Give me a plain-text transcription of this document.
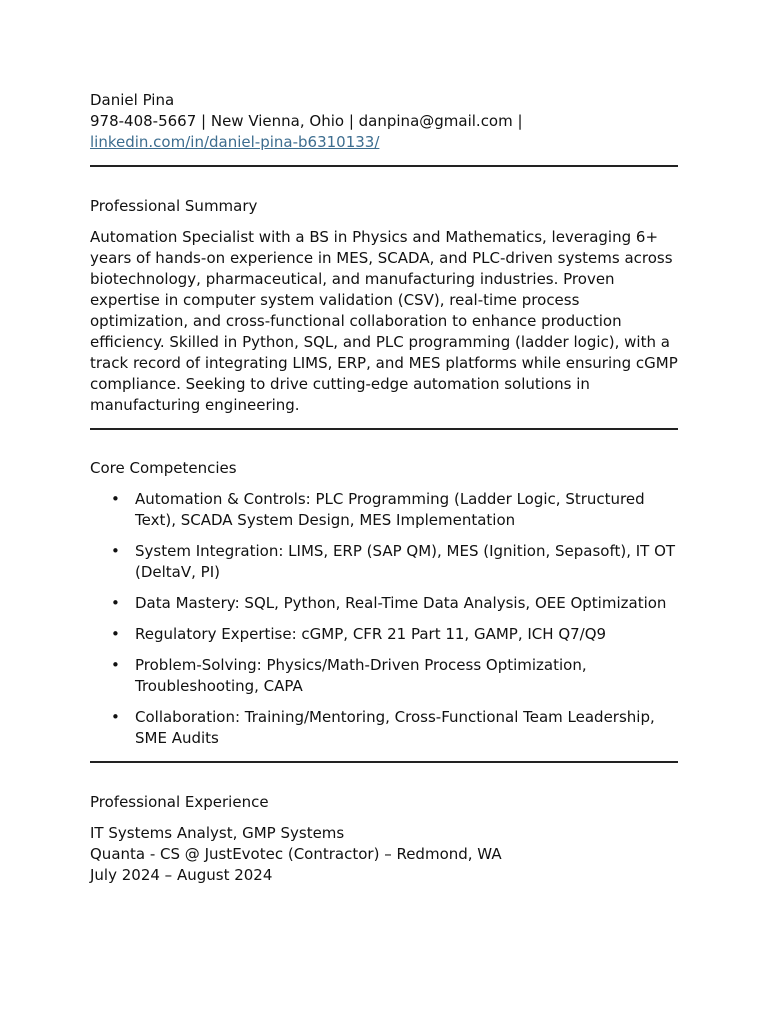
Daniel Pina
978-408-5667 | New Vienna, Ohio | danpina@gmail.com |
linkedin.com/in/daniel-pina-b6310133/
Professional Summary

Automation Specialist with a BS in Physics and Mathematics, leveraging 6+ years of hands-on experience in MES, SCADA, and PLC-driven systems across biotechnology, pharmaceutical, and manufacturing industries. Proven expertise in computer system validation (CSV), real-time process optimization, and cross-functional collaboration to enhance production efficiency. Skilled in Python, SQL, and PLC programming (ladder logic), with a track record of integrating LIMS, ERP, and MES platforms while ensuring cGMP compliance. Seeking to drive cutting-edge automation solutions in manufacturing engineering.

Core Competencies
• Automation & Controls: PLC Programming (Ladder Logic, Structured Text), SCADA System Design, MES Implementation
• System Integration: LIMS, ERP (SAP QM), MES (Ignition, Sepasoft), IT OT (DeltaV, PI)
• Data Mastery: SQL, Python, Real-Time Data Analysis, OEE Optimization
• Regulatory Expertise: cGMP, CFR 21 Part 11, GAMP, ICH Q7/Q9
• Problem-Solving: Physics/Math-Driven Process Optimization, Troubleshooting, CAPA
• Collaboration: Training/Mentoring, Cross-Functional Team Leadership, SME Audits
Professional Experience
IT Systems Analyst, GMP Systems
Quanta - CS @ JustEvotec (Contractor) – Redmond, WA
July 2024 – August 2024
